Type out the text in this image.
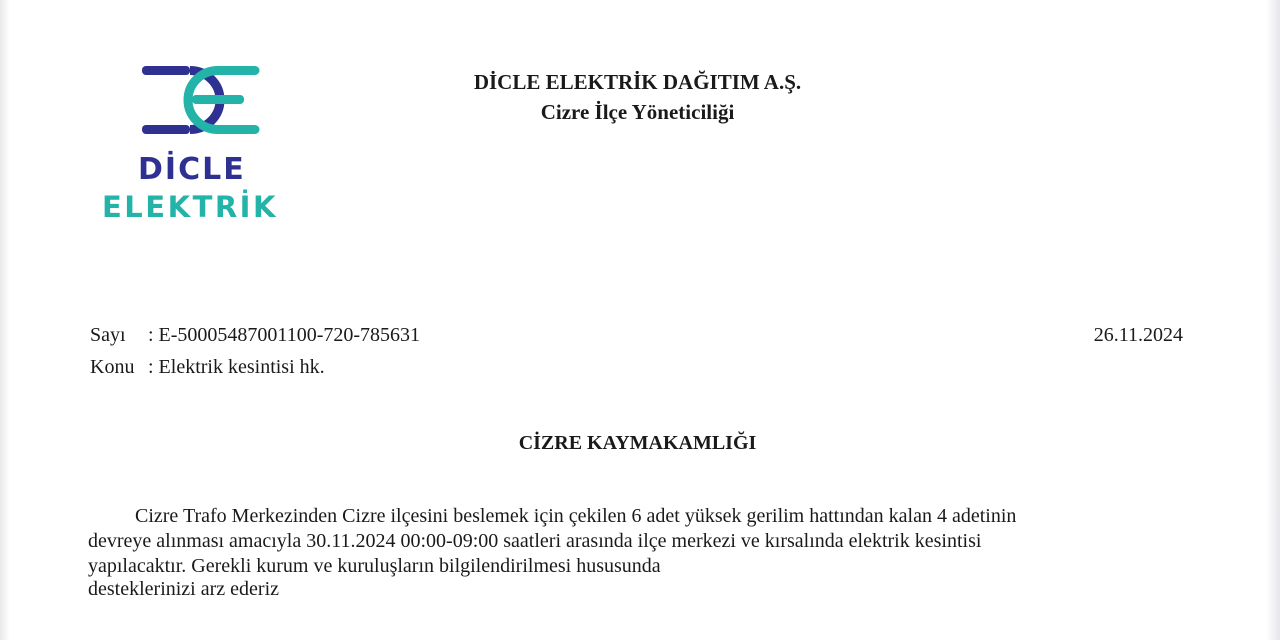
DİCLE
ELEKTRİK
DİCLE ELEKTRİK DAĞITIM A.Ş.
Cizre İlçe Yöneticiliği
Sayı : E-50005487001100-720-785631
Konu : Elektrik kesintisi hk.
26.11.2024
CİZRE KAYMAKAMLIĞI
Cizre Trafo Merkezinden Cizre ilçesini beslemek için çekilen 6 adet yüksek gerilim hattından kalan 4 adetinin
devreye alınması amacıyla 30.11.2024 00:00-09:00 saatleri arasında ilçe merkezi ve kırsalında elektrik kesintisi
yapılacaktır. Gerekli kurum ve kuruluşların bilgilendirilmesi hususunda
desteklerinizi arz ederiz
